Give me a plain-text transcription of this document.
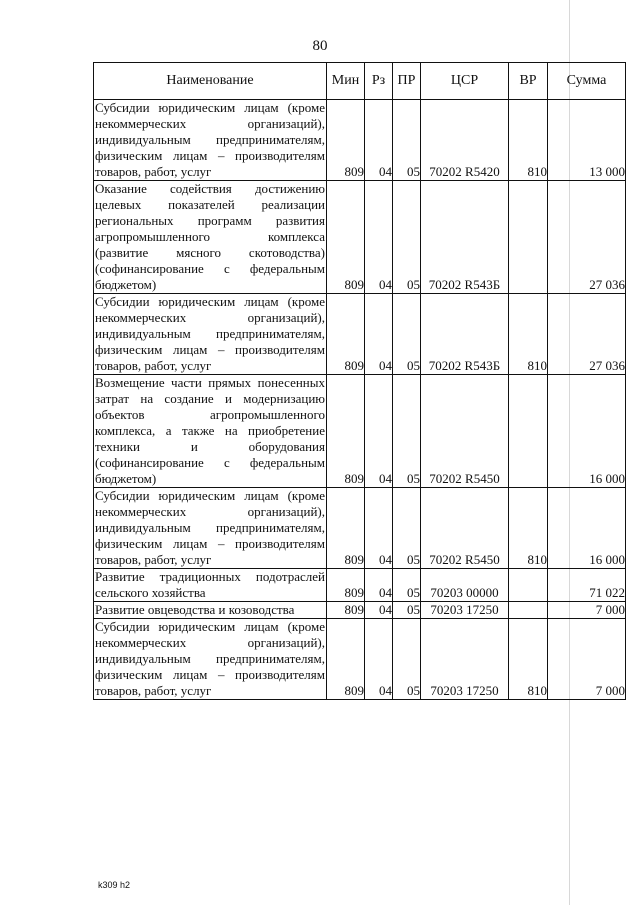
80
Наименование	Мин	Рз	ПР	ЦСР	ВР	Сумма
Субсидии юридическим лицам (кроме некоммерческих организаций), индивидуальным предпринимателям, физическим лицам – производителям товаров, работ, услуг	809	04	05	70202 R5420	810	13 000
Оказание содействия достижению целевых показателей реализации региональных программ развития агропромышленного комплекса (развитие мясного скотоводства) (софинансирование с федеральным бюджетом)	809	04	05	70202 R543Б		27 036
Субсидии юридическим лицам (кроме некоммерческих организаций), индивидуальным предпринимателям, физическим лицам – производителям товаров, работ, услуг	809	04	05	70202 R543Б	810	27 036
Возмещение части прямых понесенных затрат на создание и модернизацию объектов агропромышленного комплекса, а также на приобретение техники и оборудования (софинансирование с федеральным бюджетом)	809	04	05	70202 R5450		16 000
Субсидии юридическим лицам (кроме некоммерческих организаций), индивидуальным предпринимателям, физическим лицам – производителям товаров, работ, услуг	809	04	05	70202 R5450	810	16 000
Развитие традиционных подотраслей сельского хозяйства	809	04	05	70203 00000		71 022
Развитие овцеводства и козоводства	809	04	05	70203 17250		7 000
Субсидии юридическим лицам (кроме некоммерческих организаций), индивидуальным предпринимателям, физическим лицам – производителям товаров, работ, услуг	809	04	05	70203 17250	810	7 000
k309 h2
